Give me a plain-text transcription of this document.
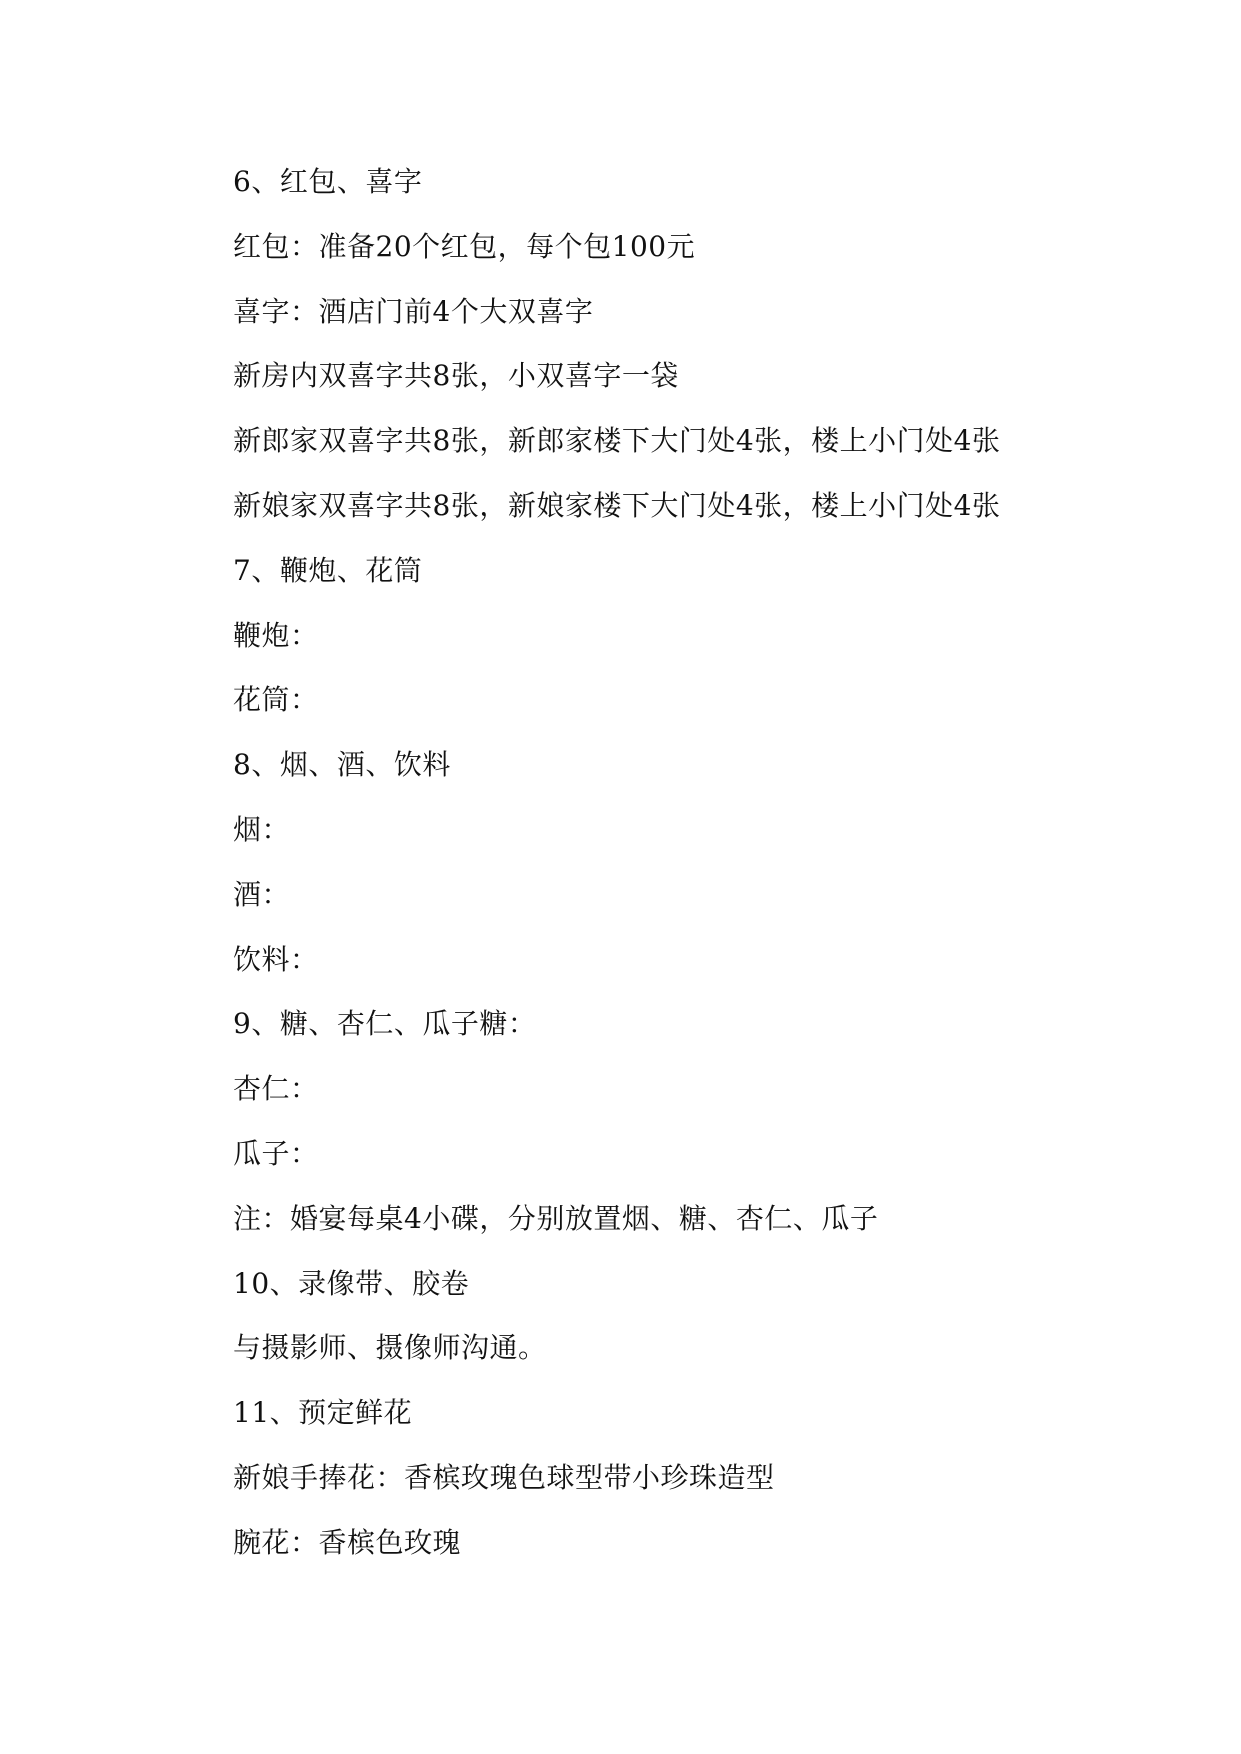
6、红包、喜字
红包：准备20个红包，每个包100元
喜字：酒店门前4个大双喜字
新房内双喜字共8张，小双喜字一袋
新郎家双喜字共8张，新郎家楼下大门处4张，楼上小门处4张
新娘家双喜字共8张，新娘家楼下大门处4张，楼上小门处4张
7、鞭炮、花筒
鞭炮：
花筒：
8、烟、酒、饮料
烟：
酒：
饮料：
9、糖、杏仁、瓜子糖：
杏仁：
瓜子：
注：婚宴每桌4小碟，分别放置烟、糖、杏仁、瓜子
10、录像带、胶卷
与摄影师、摄像师沟通。
11、预定鲜花
新娘手捧花：香槟玫瑰色球型带小珍珠造型
腕花：香槟色玫瑰
